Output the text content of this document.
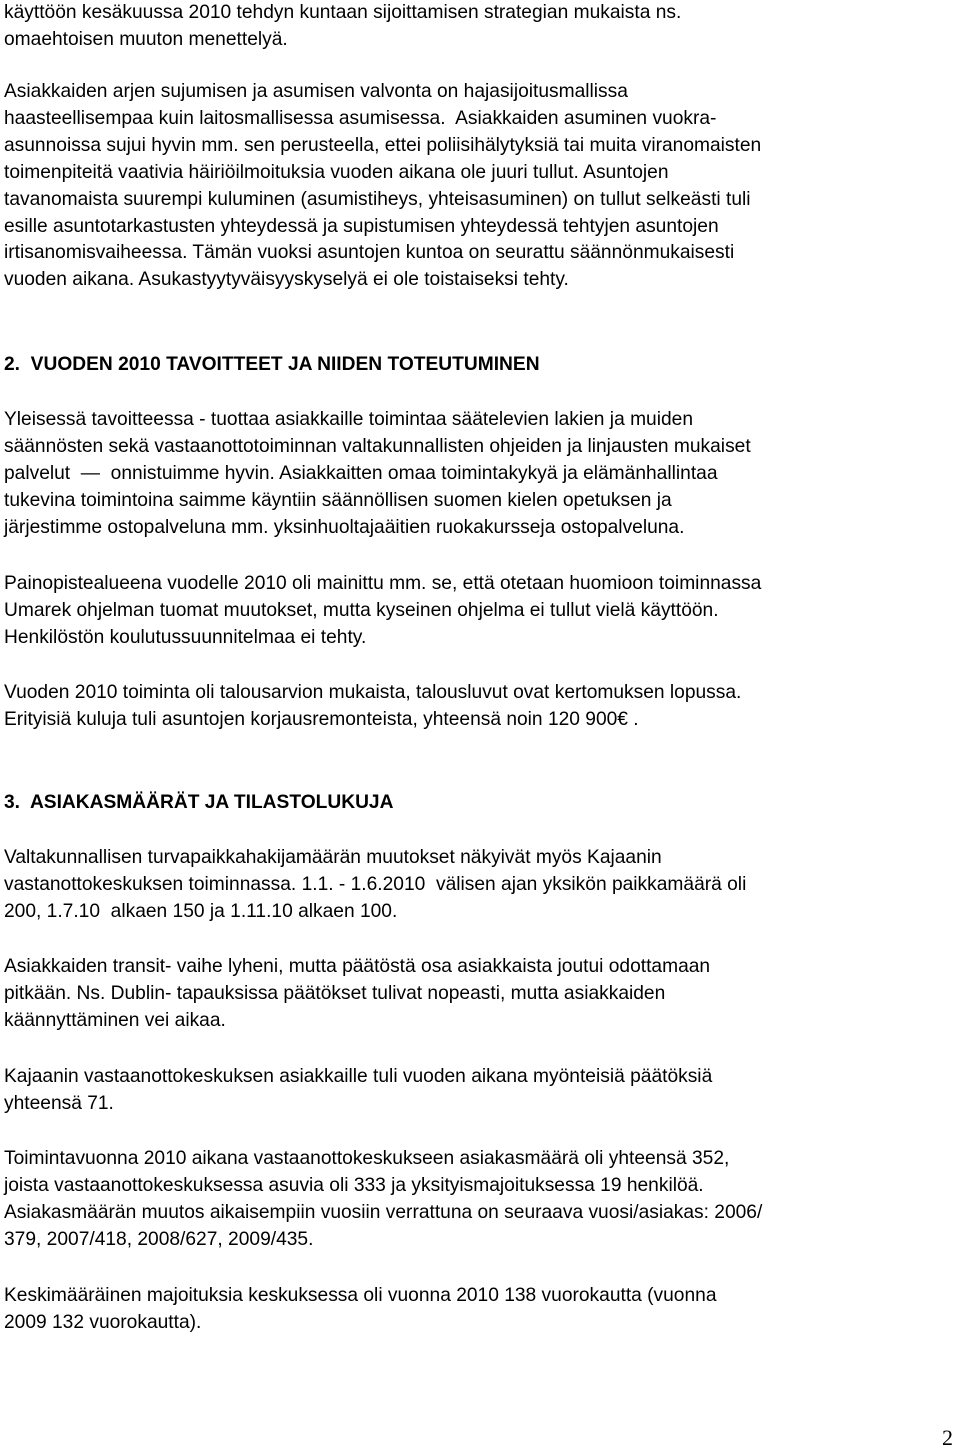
käyttöön kesäkuussa 2010 tehdyn kuntaan sijoittamisen strategian mukaista ns.
omaehtoisen muuton menettelyä.

Asiakkaiden arjen sujumisen ja asumisen valvonta on hajasijoitusmallissa
haasteellisempaa kuin laitosmallisessa asumisessa.  Asiakkaiden asuminen vuokra-
asunnoissa sujui hyvin mm. sen perusteella, ettei poliisihälytyksiä tai muita viranomaisten
toimenpiteitä vaativia häiriöilmoituksia vuoden aikana ole juuri tullut. Asuntojen
tavanomaista suurempi kuluminen (asumistiheys, yhteisasuminen) on tullut selkeästi tuli
esille asuntotarkastusten yhteydessä ja supistumisen yhteydessä tehtyjen asuntojen
irtisanomisvaiheessa. Tämän vuoksi asuntojen kuntoa on seurattu säännönmukaisesti
vuoden aikana. Asukastyytyväisyyskyselyä ei ole toistaiseksi tehty.

2.  VUODEN 2010 TAVOITTEET JA NIIDEN TOTEUTUMINEN

Yleisessä tavoitteessa - tuottaa asiakkaille toimintaa säätelevien lakien ja muiden
säännösten sekä vastaanottotoiminnan valtakunnallisten ohjeiden ja linjausten mukaiset
palvelut  —  onnistuimme hyvin. Asiakkaitten omaa toimintakykyä ja elämänhallintaa
tukevina toimintoina saimme käyntiin säännöllisen suomen kielen opetuksen ja
järjestimme ostopalveluna mm. yksinhuoltajaäitien ruokakursseja ostopalveluna.

Painopistealueena vuodelle 2010 oli mainittu mm. se, että otetaan huomioon toiminnassa
Umarek ohjelman tuomat muutokset, mutta kyseinen ohjelma ei tullut vielä käyttöön.
Henkilöstön koulutussuunnitelmaa ei tehty.

Vuoden 2010 toiminta oli talousarvion mukaista, talousluvut ovat kertomuksen lopussa.
Erityisiä kuluja tuli asuntojen korjausremonteista, yhteensä noin 120 900€ .

3.  ASIAKASMÄÄRÄT JA TILASTOLUKUJA

Valtakunnallisen turvapaikkahakijamäärän muutokset näkyivät myös Kajaanin
vastanottokeskuksen toiminnassa. 1.1. - 1.6.2010  välisen ajan yksikön paikkamäärä oli
200, 1.7.10  alkaen 150 ja 1.11.10 alkaen 100.

Asiakkaiden transit- vaihe lyheni, mutta päätöstä osa asiakkaista joutui odottamaan
pitkään. Ns. Dublin- tapauksissa päätökset tulivat nopeasti, mutta asiakkaiden
käännyttäminen vei aikaa.

Kajaanin vastaanottokeskuksen asiakkaille tuli vuoden aikana myönteisiä päätöksiä
yhteensä 71.

Toimintavuonna 2010 aikana vastaanottokeskukseen asiakasmäärä oli yhteensä 352,
joista vastaanottokeskuksessa asuvia oli 333 ja yksityismajoituksessa 19 henkilöä.
Asiakasmäärän muutos aikaisempiin vuosiin verrattuna on seuraava vuosi/asiakas: 2006/
379, 2007/418, 2008/627, 2009/435.

Keskimääräinen majoituksia keskuksessa oli vuonna 2010 138 vuorokautta (vuonna
2009 132 vuorokautta).

2
